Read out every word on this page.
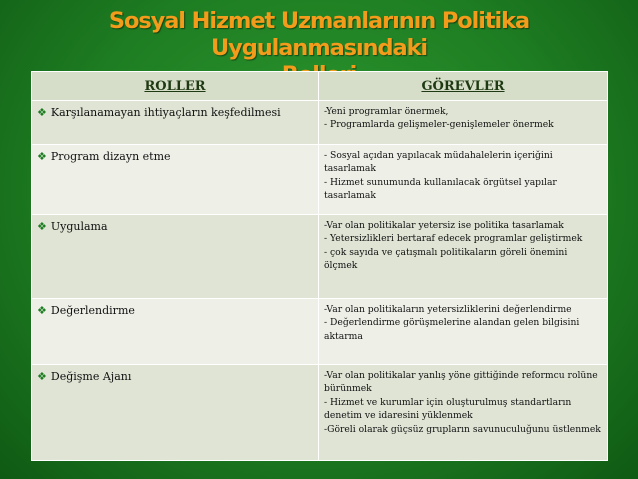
Sosyal Hizmet Uzmanlarının Politika Uygulanmasındaki
ROLLER	GÖREVLER
❖ Karşılanamayan ihtiyaçların keşfedilmesi	-Yeni programlar önermek,
- Programlarda gelişmeler-genişlemeler önermek

❖ Program dizayn etme	- Sosyal açıdan yapılacak müdahalelerin içeriğini tasarlamak
- Hizmet sunumunda kullanılacak örgütsel yapılar tasarlamak

❖ Uygulama	-Var olan politikalar yetersiz ise politika tasarlamak
- Yetersizlikleri bertaraf edecek programlar geliştirmek
- çok sayıda ve çatışmalı politikaların göreli önemini ölçmek

❖ Değerlendirme	-Var olan politikaların yetersizliklerini değerlendirme
- Değerlendirme görüşmelerine alandan gelen bilgisini aktarma

❖ Değişme Ajanı	-Var olan politikalar yanlış yöne gittiğinde reformcu rolüne bürünmek
- Hizmet ve kurumlar için oluşturulmuş standartların denetim ve idaresini yüklenmek
-Göreli olarak güçsüz grupların savunuculuğunu üstlenmek
